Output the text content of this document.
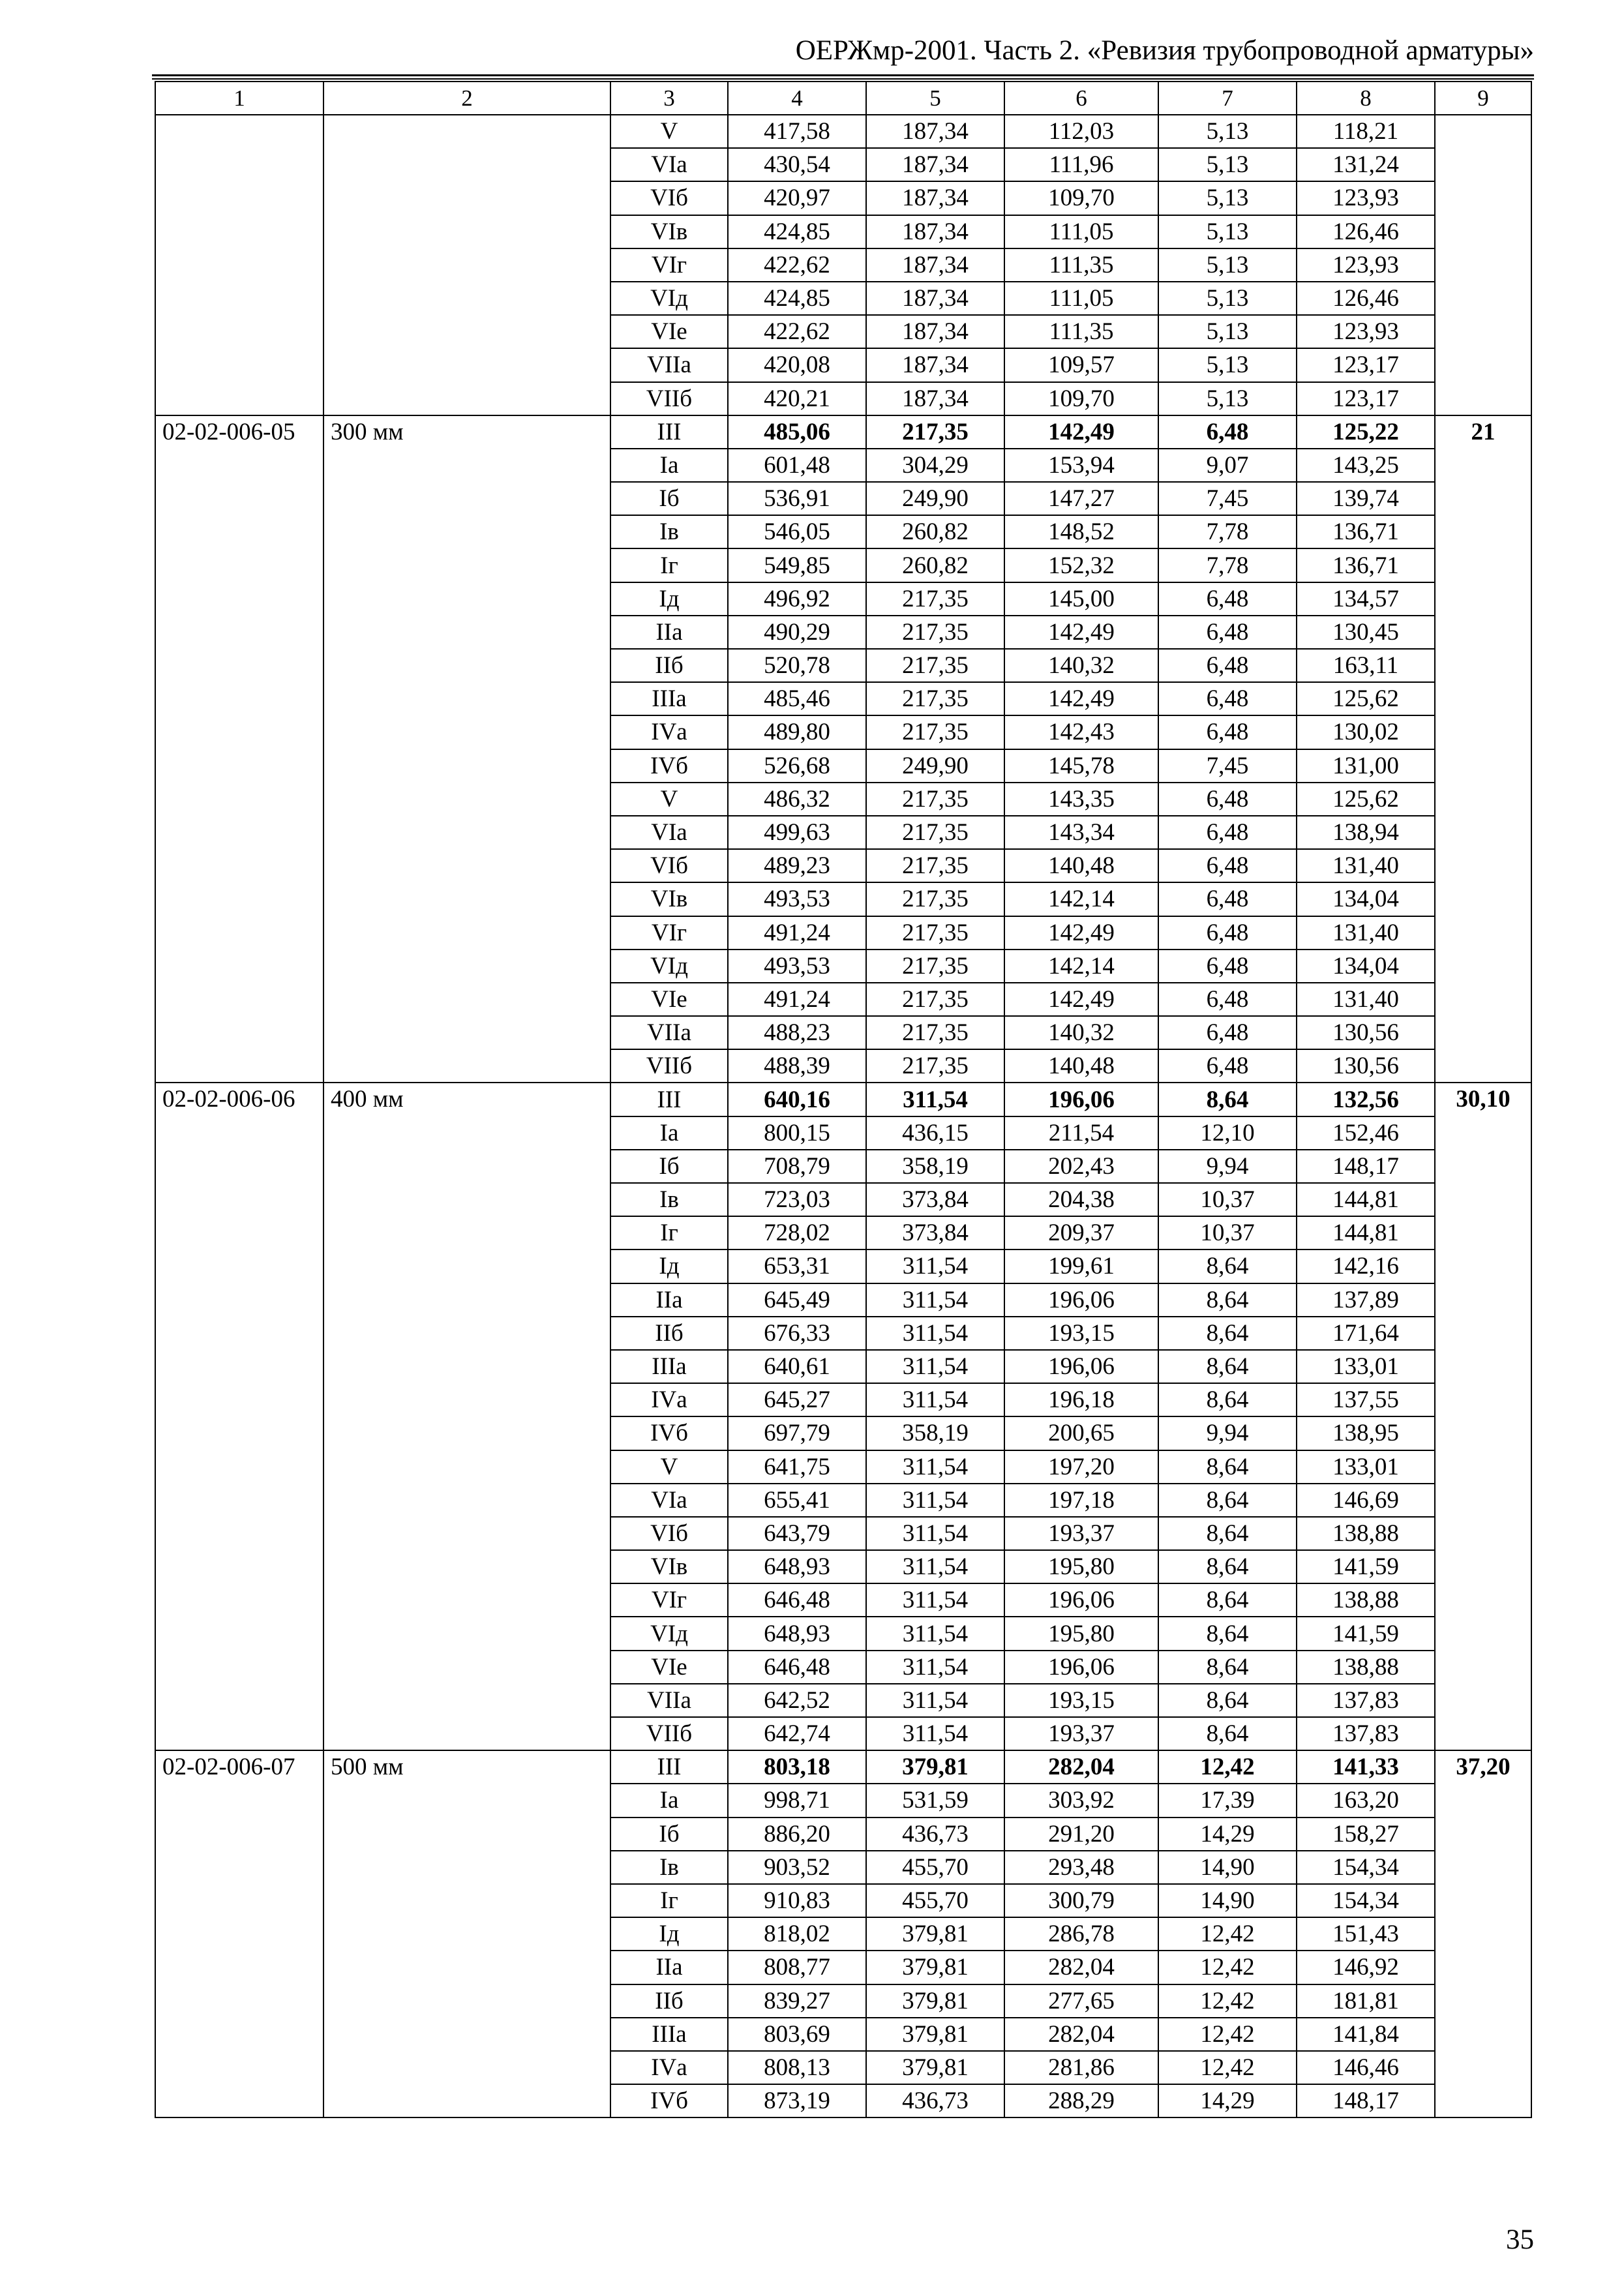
ОЕРЖмр-2001. Часть 2. «Ревизия трубопроводной арматуры»
1	2	3	4	5	6	7	8	9
		V	417,58	187,34	112,03	5,13	118,21	
		VIа	430,54	187,34	111,96	5,13	131,24	
		VIб	420,97	187,34	109,70	5,13	123,93	
		VIв	424,85	187,34	111,05	5,13	126,46	
		VIг	422,62	187,34	111,35	5,13	123,93	
		VIд	424,85	187,34	111,05	5,13	126,46	
		VIе	422,62	187,34	111,35	5,13	123,93	
		VIIа	420,08	187,34	109,57	5,13	123,17	
		VIIб	420,21	187,34	109,70	5,13	123,17	
02-02-006-05	300 мм	III	485,06	217,35	142,49	6,48	125,22	21
		Iа	601,48	304,29	153,94	9,07	143,25	
		Iб	536,91	249,90	147,27	7,45	139,74	
		Iв	546,05	260,82	148,52	7,78	136,71	
		Iг	549,85	260,82	152,32	7,78	136,71	
		Iд	496,92	217,35	145,00	6,48	134,57	
		IIа	490,29	217,35	142,49	6,48	130,45	
		IIб	520,78	217,35	140,32	6,48	163,11	
		IIIа	485,46	217,35	142,49	6,48	125,62	
		IVа	489,80	217,35	142,43	6,48	130,02	
		IVб	526,68	249,90	145,78	7,45	131,00	
		V	486,32	217,35	143,35	6,48	125,62	
		VIа	499,63	217,35	143,34	6,48	138,94	
		VIб	489,23	217,35	140,48	6,48	131,40	
		VIв	493,53	217,35	142,14	6,48	134,04	
		VIг	491,24	217,35	142,49	6,48	131,40	
		VIд	493,53	217,35	142,14	6,48	134,04	
		VIе	491,24	217,35	142,49	6,48	131,40	
		VIIа	488,23	217,35	140,32	6,48	130,56	
		VIIб	488,39	217,35	140,48	6,48	130,56	
02-02-006-06	400 мм	III	640,16	311,54	196,06	8,64	132,56	30,10
		Iа	800,15	436,15	211,54	12,10	152,46	
		Iб	708,79	358,19	202,43	9,94	148,17	
		Iв	723,03	373,84	204,38	10,37	144,81	
		Iг	728,02	373,84	209,37	10,37	144,81	
		Iд	653,31	311,54	199,61	8,64	142,16	
		IIа	645,49	311,54	196,06	8,64	137,89	
		IIб	676,33	311,54	193,15	8,64	171,64	
		IIIа	640,61	311,54	196,06	8,64	133,01	
		IVа	645,27	311,54	196,18	8,64	137,55	
		IVб	697,79	358,19	200,65	9,94	138,95	
		V	641,75	311,54	197,20	8,64	133,01	
		VIа	655,41	311,54	197,18	8,64	146,69	
		VIб	643,79	311,54	193,37	8,64	138,88	
		VIв	648,93	311,54	195,80	8,64	141,59	
		VIг	646,48	311,54	196,06	8,64	138,88	
		VIд	648,93	311,54	195,80	8,64	141,59	
		VIе	646,48	311,54	196,06	8,64	138,88	
		VIIа	642,52	311,54	193,15	8,64	137,83	
		VIIб	642,74	311,54	193,37	8,64	137,83	
02-02-006-07	500 мм	III	803,18	379,81	282,04	12,42	141,33	37,20
		Iа	998,71	531,59	303,92	17,39	163,20	
		Iб	886,20	436,73	291,20	14,29	158,27	
		Iв	903,52	455,70	293,48	14,90	154,34	
		Iг	910,83	455,70	300,79	14,90	154,34	
		Iд	818,02	379,81	286,78	12,42	151,43	
		IIа	808,77	379,81	282,04	12,42	146,92	
		IIб	839,27	379,81	277,65	12,42	181,81	
		IIIа	803,69	379,81	282,04	12,42	141,84	
		IVа	808,13	379,81	281,86	12,42	146,46	
		IVб	873,19	436,73	288,29	14,29	148,17	
35
